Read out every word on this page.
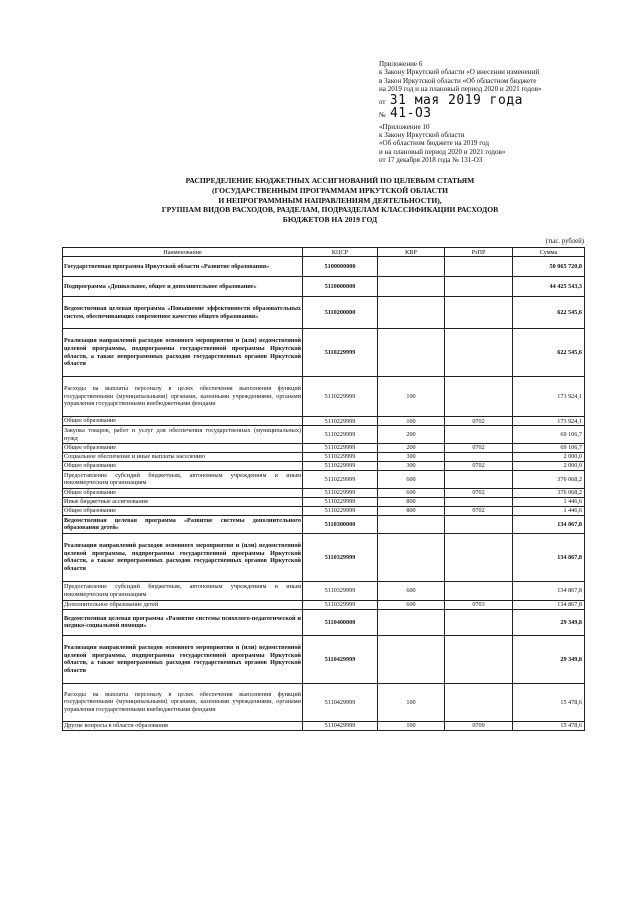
Приложение 6
к Закону Иркутской области «О внесении изменений
в Закон Иркутской области «Об областном бюджете
на 2019 год и на плановый период 2020 и 2021 годов»
от 31 мая 2019 года
№ 41-ОЗ
«Приложение 10
к Закону Иркутской области
«Об областном бюджете на 2019 год
и на плановый период 2020 и 2021 годов»
от 17 декабря 2018 года № 131-ОЗ
РАСПРЕДЕЛЕНИЕ БЮДЖЕТНЫХ АССИГНОВАНИЙ ПО ЦЕЛЕВЫМ СТАТЬЯМ
(ГОСУДАРСТВЕННЫМ ПРОГРАММАМ ИРКУТСКОЙ ОБЛАСТИ
И НЕПРОГРАММНЫМ НАПРАВЛЕНИЯМ ДЕЯТЕЛЬНОСТИ),
ГРУППАМ ВИДОВ РАСХОДОВ, РАЗДЕЛАМ, ПОДРАЗДЕЛАМ КЛАССИФИКАЦИИ РАСХОДОВ
БЮДЖЕТОВ НА 2019 ГОД
(тыс. рублей)
Наименование	КЦСР	КВР	РзПР	Сумма
Государственная программа Иркутской области «Развитие образования»	5100000000			50 065 720,8
Подпрограмма «Дошкольное, общее и дополнительное образование»	5110000000			44 425 543,3
Ведомственная целевая программа «Повышение эффективности образовательных систем, обеспечивающих современное качество общего образования»	5110200000			622 545,6
Реализация направлений расходов основного мероприятия и (или) ведомственной целевой программы, подпрограммы государственной программы Иркутской области, а также непрограммных расходов государственных органов Иркутской области	5110229999			622 545,6
Расходы на выплаты персоналу в целях обеспечения выполнения функций государственными (муниципальными) органами, казенными учреждениями, органами управления государственными внебюджетными фондами	5110229999	100		173 924,1
Общее образование	5110229999	100	0702	173 924,1
Закупка товаров, работ и услуг для обеспечения государственных (муниципальных) нужд	5110229999	200		69 106,7
Общее образование	5110229999	200	0702	69 106,7
Социальное обеспечение и иные выплаты населению	5110229999	300		2 000,0
Общее образование	5110229999	300	0702	2 000,0
Предоставление субсидий бюджетным, автономным учреждениям и иным некоммерческим организациям	5110229999	600		376 068,2
Общее образование	5110229999	600	0702	376 068,2
Иные бюджетные ассигнования	5110229999	800		1 446,6
Общее образование	5110229999	800	0702	1 446,6
Ведомственная целевая программа «Развитие системы дополнительного образования детей»	5110300000			134 867,8
Реализация направлений расходов основного мероприятия и (или) ведомственной целевой программы, подпрограммы государственной программы Иркутской области, а также непрограммных расходов государственных органов Иркутской области	5110329999			134 867,8
Предоставление субсидий бюджетным, автономным учреждениям и иным некоммерческим организациям	5110329999	600		134 867,8
Дополнительное образование детей	5110329999	600	0703	134 867,8
Ведомственная целевая программа «Развитие системы психолого-педагогической и медико-социальной помощи»	5110400000			29 349,8
Реализация направлений расходов основного мероприятия и (или) ведомственной целевой программы, подпрограммы государственной программы Иркутской области, а также непрограммных расходов государственных органов Иркутской области	5110429999			29 349,8
Расходы на выплаты персоналу в целях обеспечения выполнения функций государственными (муниципальными) органами, казенными учреждениями, органами управления государственными внебюджетными фондами	5110429999	100		15 478,6
Другие вопросы в области образования	5110429999	100	0709	15 478,6
